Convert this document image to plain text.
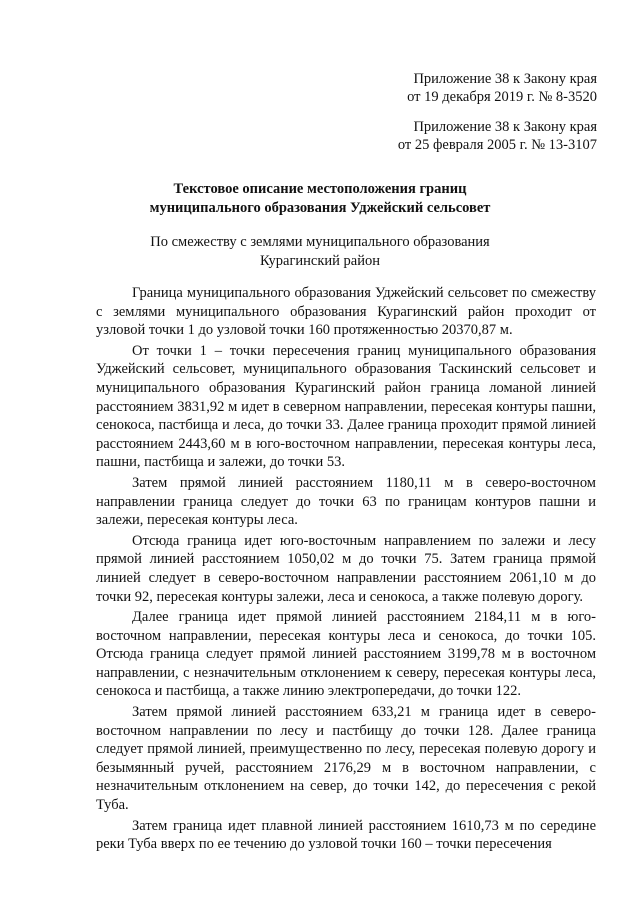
Приложение 38 к Закону края
от 19 декабря 2019 г. № 8-3520
Приложение 38 к Закону края
от 25 февраля 2005 г. № 13-3107
Текстовое описание местоположения границ
муниципального образования Уджейский сельсовет
По смежеству с землями муниципального образования
Курагинский район

Граница муниципального образования Уджейский сельсовет по смежеству с землями муниципального образования Курагинский район проходит от узловой точки 1 до узловой точки 160 протяженностью 20370,87 м.

От точки 1 – точки пересечения границ муниципального образования Уджейский сельсовет, муниципального образования Таскинский сельсовет и муниципального образования Курагинский район граница ломаной линией расстоянием 3831,92 м идет в северном направлении, пересекая контуры пашни, сенокоса, пастбища и леса, до точки 33. Далее граница проходит прямой линией расстоянием 2443,60 м в юго-восточном направлении, пересекая контуры леса, пашни, пастбища и залежи, до точки 53.

Затем прямой линией расстоянием 1180,11 м в северо-восточном направлении граница следует до точки 63 по границам контуров пашни и залежи, пересекая контуры леса.

Отсюда граница идет юго-восточным направлением по залежи и лесу прямой линией расстоянием 1050,02 м до точки 75. Затем граница прямой линией следует в северо-восточном направлении расстоянием 2061,10 м до точки 92, пересекая контуры залежи, леса и сенокоса, а также полевую дорогу.

Далее граница идет прямой линией расстоянием 2184,11 м в юго-восточном направлении, пересекая контуры леса и сенокоса, до точки 105. Отсюда граница следует прямой линией расстоянием 3199,78 м в восточном направлении, с незначительным отклонением к северу, пересекая контуры леса, сенокоса и пастбища, а также линию электропередачи, до точки 122.

Затем прямой линией расстоянием 633,21 м граница идет в северо-восточном направлении по лесу и пастбищу до точки 128. Далее граница следует прямой линией, преимущественно по лесу, пересекая полевую дорогу и безымянный ручей, расстоянием 2176,29 м в восточном направлении, с незначительным отклонением на север, до точки 142, до пересечения с рекой Туба.

Затем граница идет плавной линией расстоянием 1610,73 м по середине реки Туба вверх по ее течению до узловой точки 160 – точки пересечения
